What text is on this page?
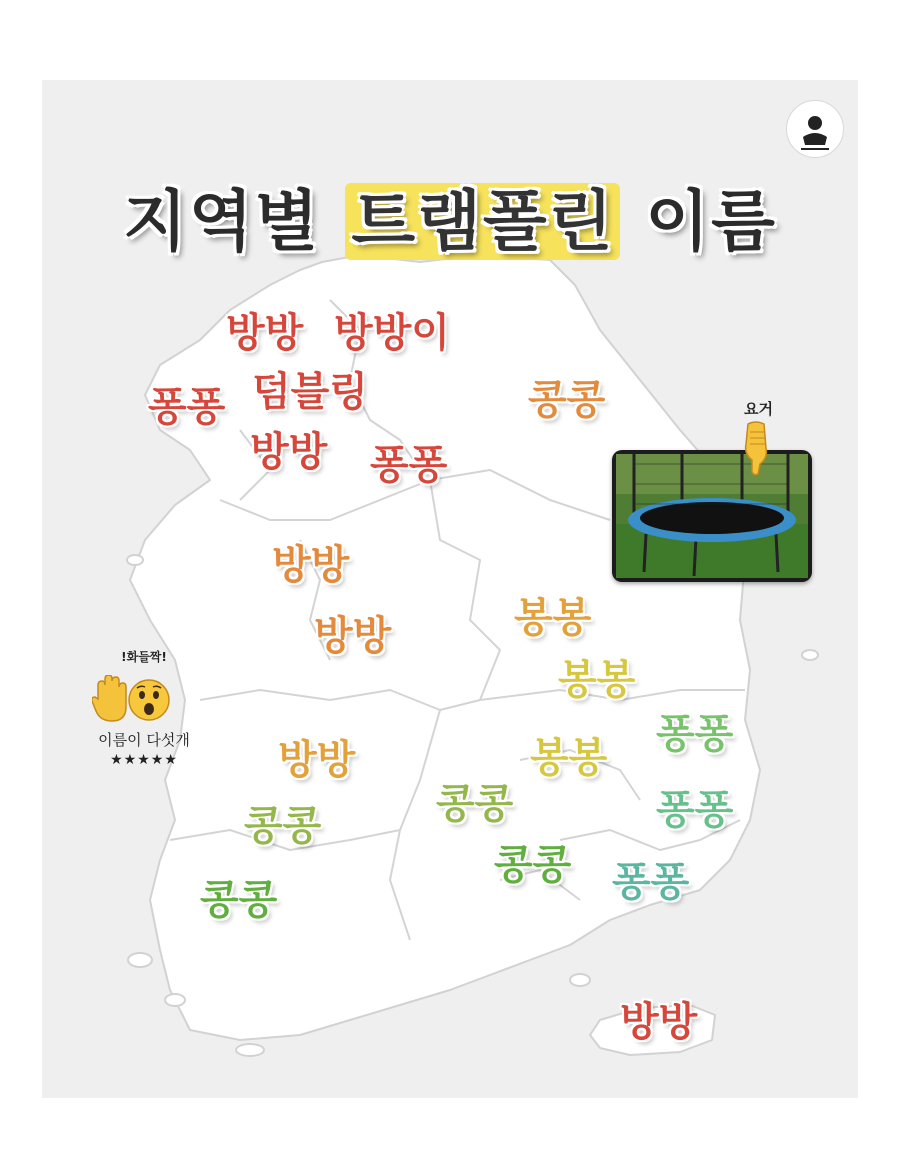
지역별 트램폴린 이름
방방 방방이
퐁퐁 덤블링
방방 퐁퐁
콩콩
방방
방방	봉봉
봉봉
봉봉
방방
콩콩
퐁퐁
콩콩	퐁퐁
콩콩
콩콩 퐁퐁
방방
요거
!화들짝!
이름이 다섯개
★★★★★
